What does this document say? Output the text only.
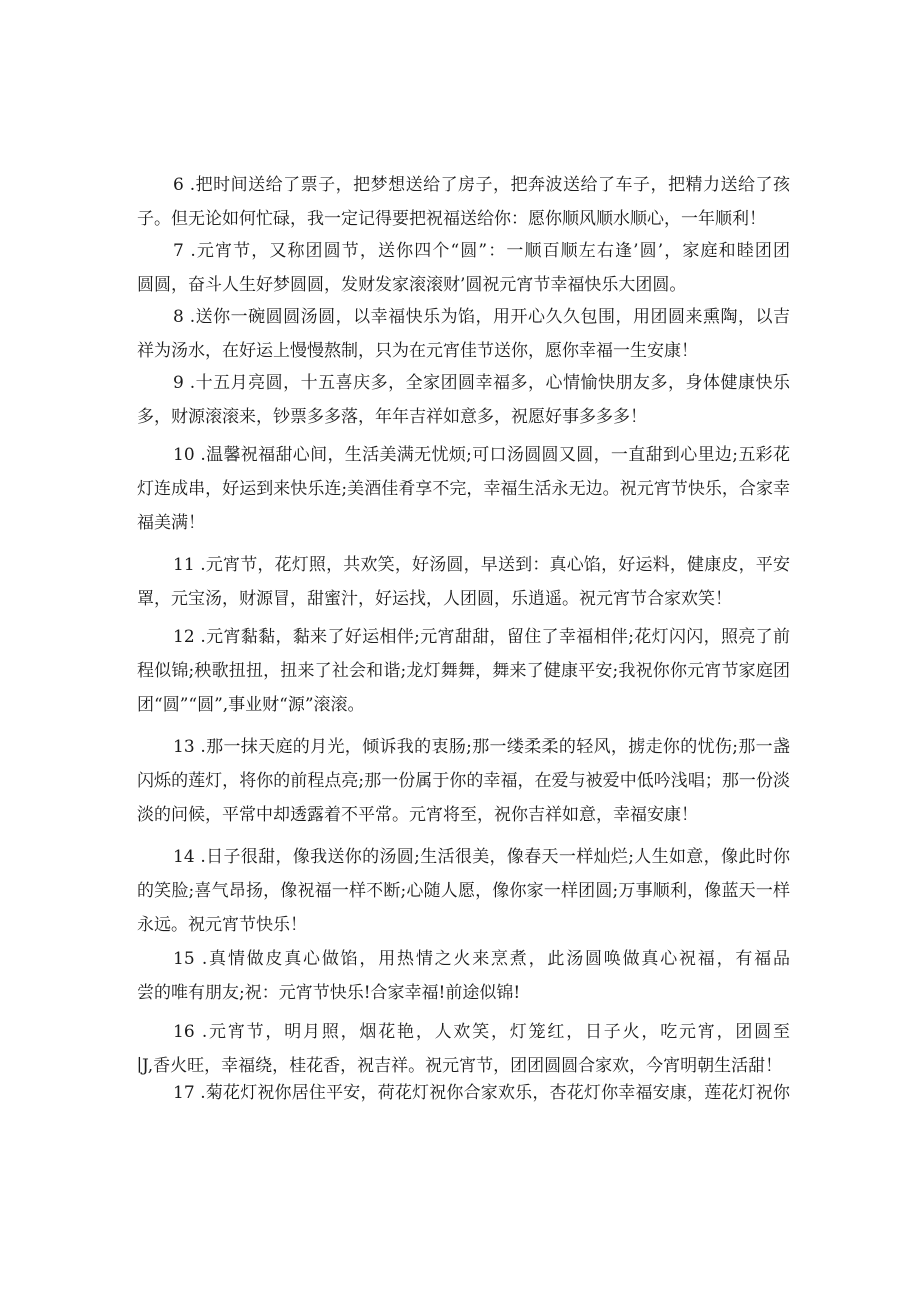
6 .把时间送给了票子，把梦想送给了房子，把奔波送给了车子，把精力送给了孩
子。但无论如何忙碌，我一定记得要把祝福送给你：愿你顺风顺水顺心，一年顺利！
7 .元宵节，又称团圆节，送你四个“圆”：一顺百顺左右逢’圆’，家庭和睦团团
圆圆，奋斗人生好梦圆圆，发财发家滚滚财’圆祝元宵节幸福快乐大团圆。
8 .送你一碗圆圆汤圆，以幸福快乐为馅，用开心久久包围，用团圆来熏陶，以吉
祥为汤水，在好运上慢慢熬制，只为在元宵佳节送你，愿你幸福一生安康！
9 .十五月亮圆，十五喜庆多，全家团圆幸福多，心情愉快朋友多，身体健康快乐
多，财源滚滚来，钞票多多落，年年吉祥如意多，祝愿好事多多多！
10 .温馨祝福甜心间，生活美满无忧烦;可口汤圆圆又圆，一直甜到心里边;五彩花
灯连成串，好运到来快乐连;美酒佳肴享不完，幸福生活永无边。祝元宵节快乐，合家幸
福美满！
11 .元宵节，花灯照，共欢笑，好汤圆，早送到：真心馅，好运料，健康皮，平安
罩，元宝汤，财源冒，甜蜜汁，好运找，人团圆，乐逍遥。祝元宵节合家欢笑！
12 .元宵黏黏，黏来了好运相伴;元宵甜甜，留住了幸福相伴;花灯闪闪，照亮了前
程似锦;秧歌扭扭，扭来了社会和谐;龙灯舞舞，舞来了健康平安;我祝你你元宵节家庭团
团“圆”“圆”,事业财“源”滚滚。
13 .那一抹天庭的月光，倾诉我的衷肠;那一缕柔柔的轻风，掳走你的忧伤;那一盏
闪烁的莲灯，将你的前程点亮;那一份属于你的幸福，在爱与被爱中低吟浅唱；那一份淡
淡的问候，平常中却透露着不平常。元宵将至，祝你吉祥如意，幸福安康！
14 .日子很甜，像我送你的汤圆;生活很美，像春天一样灿烂;人生如意，像此时你
的笑脸;喜气昂扬，像祝福一样不断;心随人愿，像你家一样团圆;万事顺利，像蓝天一样
永远。祝元宵节快乐！
15 .真情做皮真心做馅，用热情之火来烹煮，此汤圆唤做真心祝福，有福品
尝的唯有朋友;祝：元宵节快乐!合家幸福!前途似锦!
16 .元宵节，明月照，烟花艳，人欢笑，灯笼红，日子火，吃元宵，团圆至
∣J,香火旺，幸福绕，桂花香，祝吉祥。祝元宵节，团团圆圆合家欢，今宵明朝生活甜！
17 .菊花灯祝你居住平安，荷花灯祝你合家欢乐，杏花灯你幸福安康，莲花灯祝你
